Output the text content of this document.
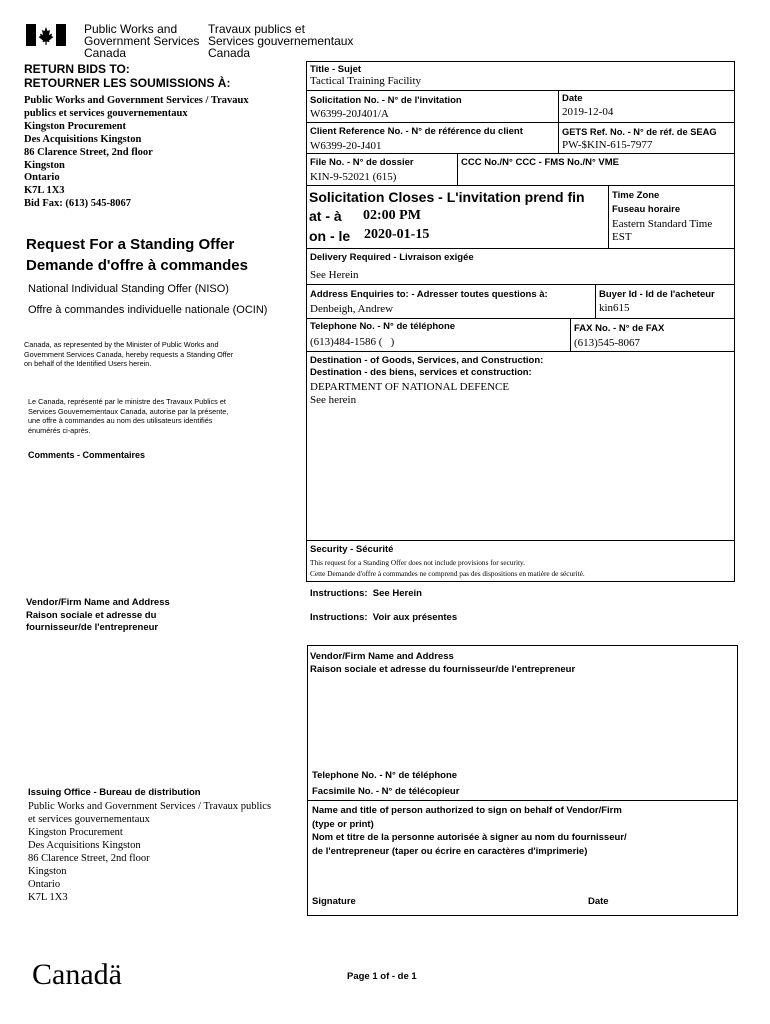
Public Works and
Government Services
Canada
Travaux publics et
Services gouvernementaux
Canada
RETURN BIDS TO:
RETOURNER LES SOUMISSIONS À:
Public Works and Government Services / Travaux
publics et services gouvernementaux
Kingston Procurement
Des Acquisitions Kingston
86 Clarence Street, 2nd floor
Kingston
Ontario
K7L 1X3
Bid Fax: (613) 545-8067
Request For a Standing Offer
Demande d'offre à commandes
National Individual Standing Offer (NISO)
Offre à commandes individuelle nationale (OCIN)
Canada, as represented by the Minister of Public Works and
Government Services Canada, hereby requests a Standing Offer
on behalf of the Identified Users herein.
Le Canada, représenté par le ministre des Travaux Publics et
Services Gouvernementaux Canada, autorise par la présente,
une offre à commandes au nom des utilisateurs identifiés
énumérés ci-après.
Comments - Commentaires
Vendor/Firm Name and Address
Raison sociale et adresse du
fournisseur/de l'entrepreneur
Issuing Office - Bureau de distribution
Public Works and Government Services / Travaux publics
et services gouvernementaux
Kingston Procurement
Des Acquisitions Kingston
86 Clarence Street, 2nd floor
Kingston
Ontario
K7L 1X3
Title - Sujet
Tactical Training Facility
Solicitation No. - N° de l'invitation
W6399-20J401/A
Date
2019-12-04
Client Reference No. - N° de référence du client
W6399-20-J401
GETS Ref. No. - N° de réf. de SEAG
PW-$KIN-615-7977
File No. - N° de dossier
KIN-9-52021 (615)
CCC No./N° CCC - FMS No./N° VME
Solicitation Closes - L'invitation prend fin
at - à 02:00 PM
on - le 2020-01-15
Time Zone
Fuseau horaire
Eastern Standard Time
EST
Delivery Required - Livraison exigée
See Herein
Address Enquiries to: - Adresser toutes questions à:
Denbeigh, Andrew
Buyer Id - Id de l'acheteur
kin615
Telephone No. - N° de téléphone
(613)484-1586 (   )
FAX No. - N° de FAX
(613)545-8067
Destination - of Goods, Services, and Construction:
Destination - des biens, services et construction:
DEPARTMENT OF NATIONAL DEFENCE
See herein
Security - Sécurité
This request for a Standing Offer does not include provisions for security.
Cette Demande d'offre à commandes ne comprend pas des dispositions en matière de sécurité.
Instructions:  See Herein
Instructions:  Voir aux présentes
Vendor/Firm Name and Address
Raison sociale et adresse du fournisseur/de l'entrepreneur
Telephone No. - N° de téléphone
Facsimile No. - N° de télécopieur
Name and title of person authorized to sign on behalf of Vendor/Firm
(type or print)
Nom et titre de la personne autorisée à signer au nom du fournisseur/
de l'entrepreneur (taper ou écrire en caractères d'imprimerie)
Signature	Date
Canadä	Page 1 of - de 1
